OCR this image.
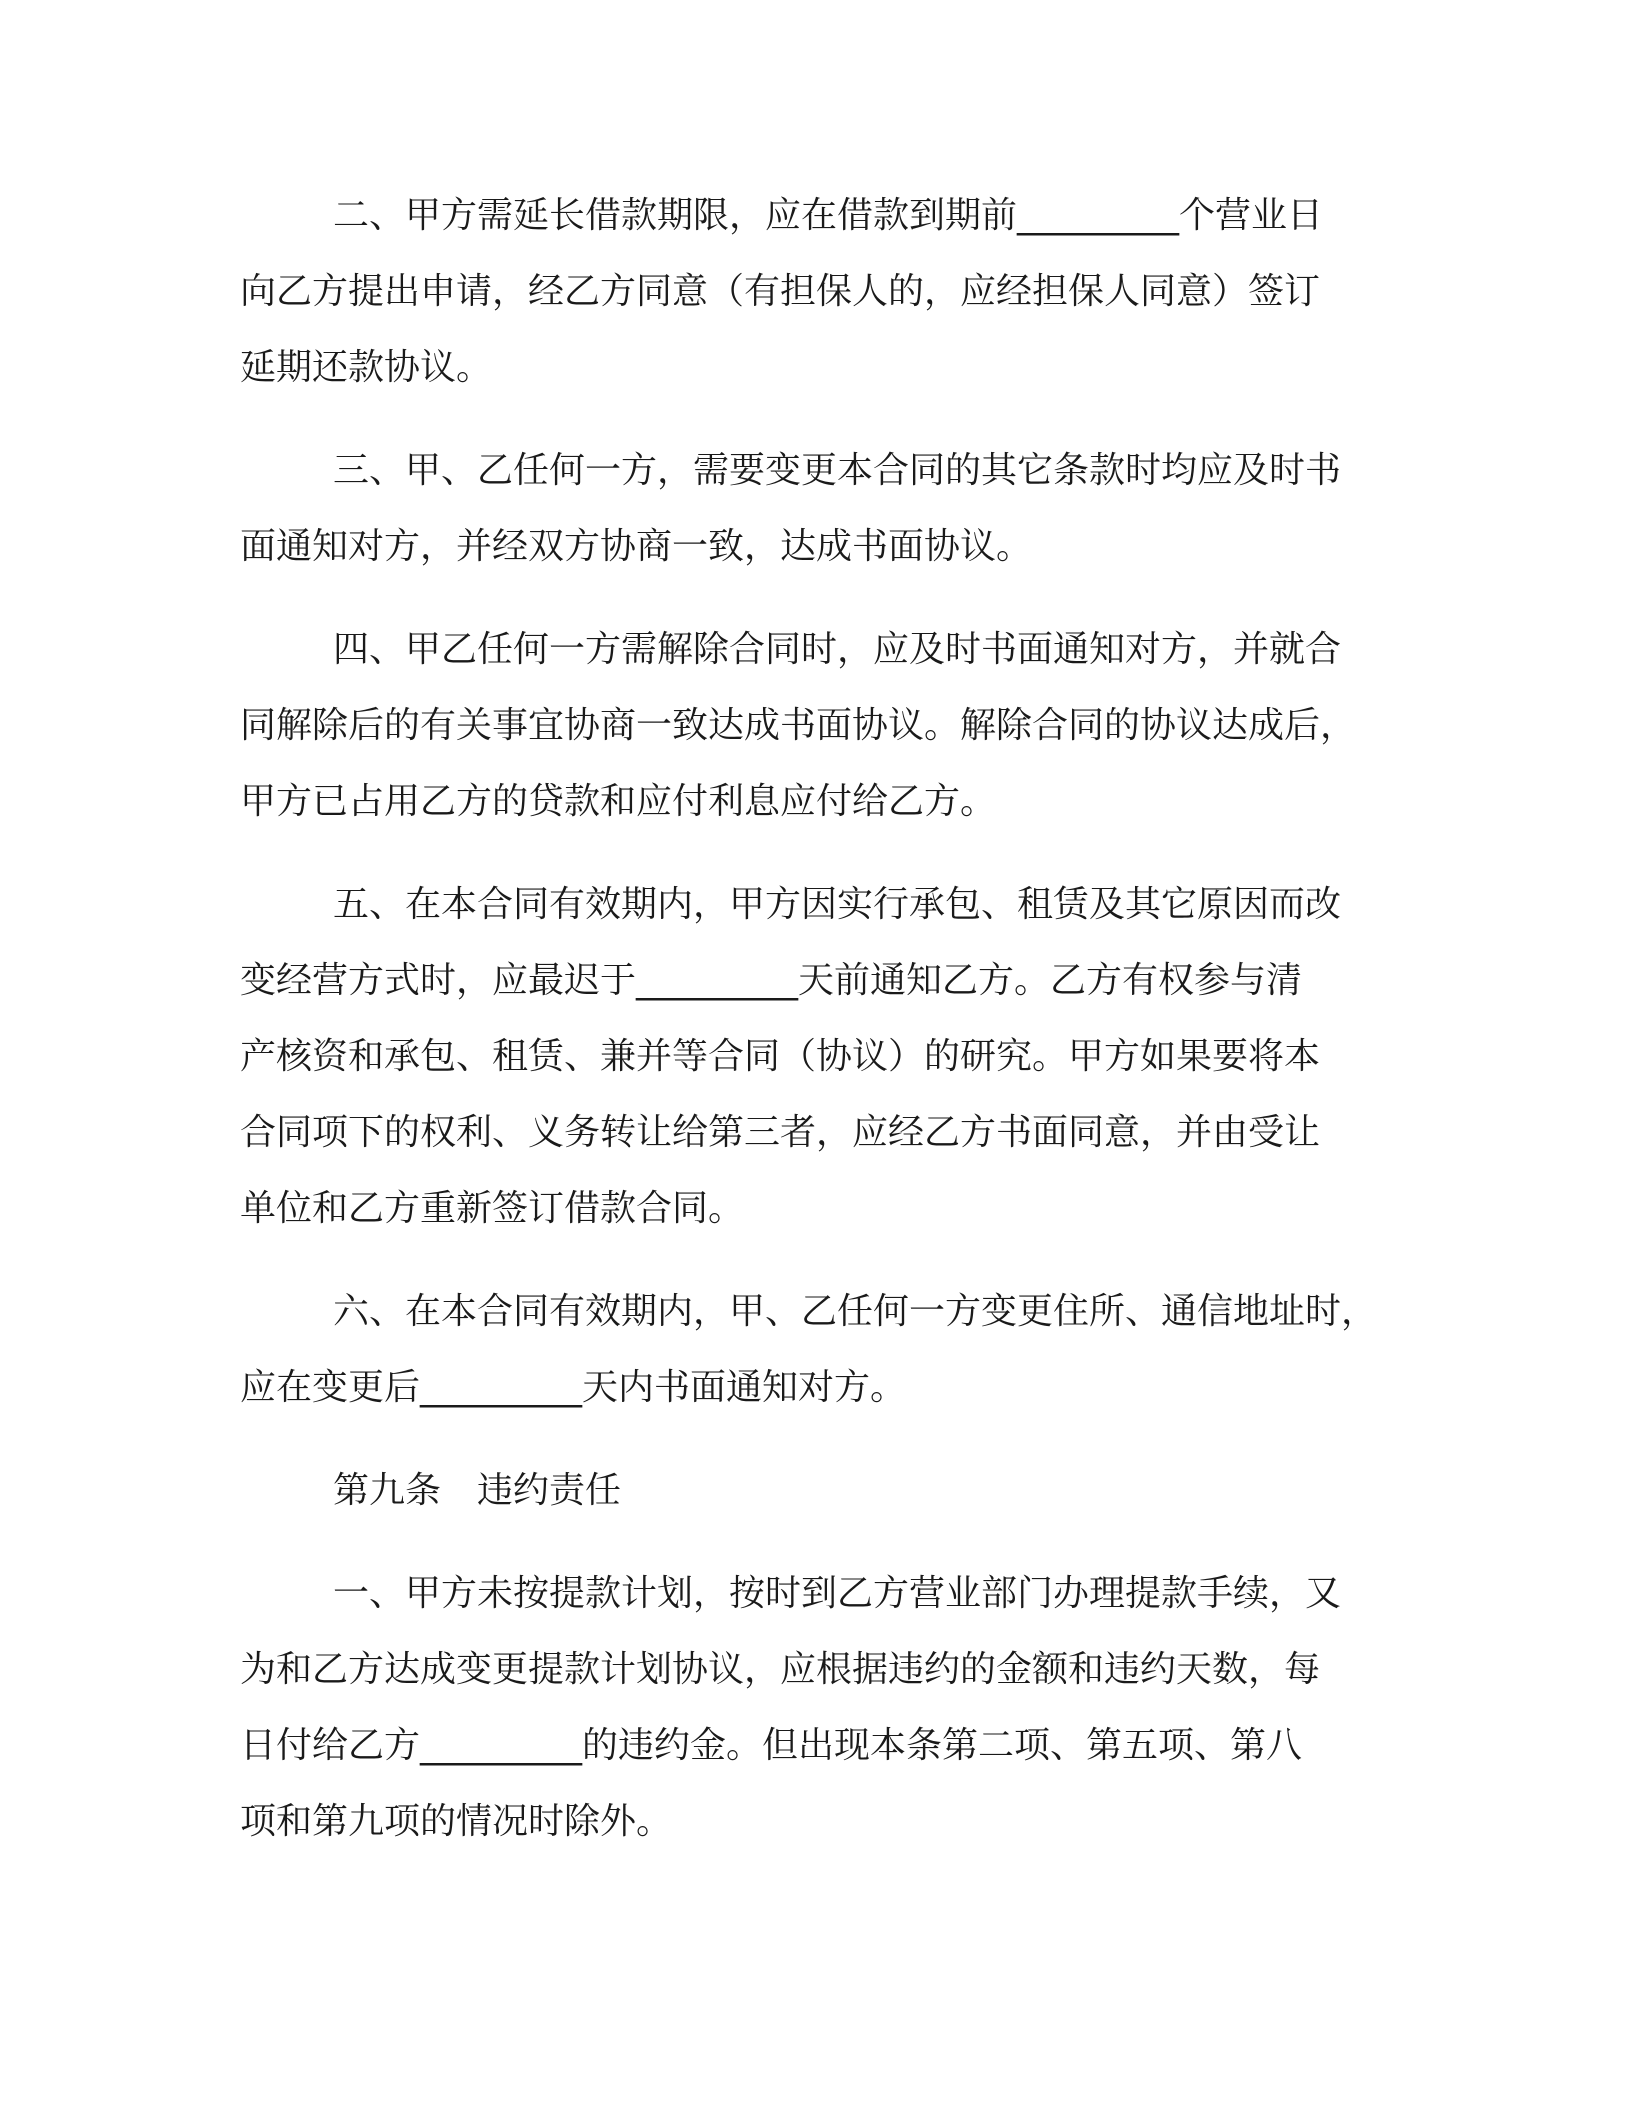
二、甲方需延长借款期限，应在借款到期前_________个营业日
向乙方提出申请，经乙方同意（有担保人的，应经担保人同意）签订
延期还款协议。
三、甲、乙任何一方，需要变更本合同的其它条款时均应及时书
面通知对方，并经双方协商一致，达成书面协议。
四、甲乙任何一方需解除合同时，应及时书面通知对方，并就合
同解除后的有关事宜协商一致达成书面协议。解除合同的协议达成后，
甲方已占用乙方的贷款和应付利息应付给乙方。
五、在本合同有效期内，甲方因实行承包、租赁及其它原因而改
变经营方式时，应最迟于_________天前通知乙方。乙方有权参与清
产核资和承包、租赁、兼并等合同（协议）的研究。甲方如果要将本
合同项下的权利、义务转让给第三者，应经乙方书面同意，并由受让
单位和乙方重新签订借款合同。
六、在本合同有效期内，甲、乙任何一方变更住所、通信地址时，
应在变更后_________天内书面通知对方。
第九条　违约责任
一、甲方未按提款计划，按时到乙方营业部门办理提款手续，又
为和乙方达成变更提款计划协议，应根据违约的金额和违约天数，每
日付给乙方_________的违约金。但出现本条第二项、第五项、第八
项和第九项的情况时除外。
